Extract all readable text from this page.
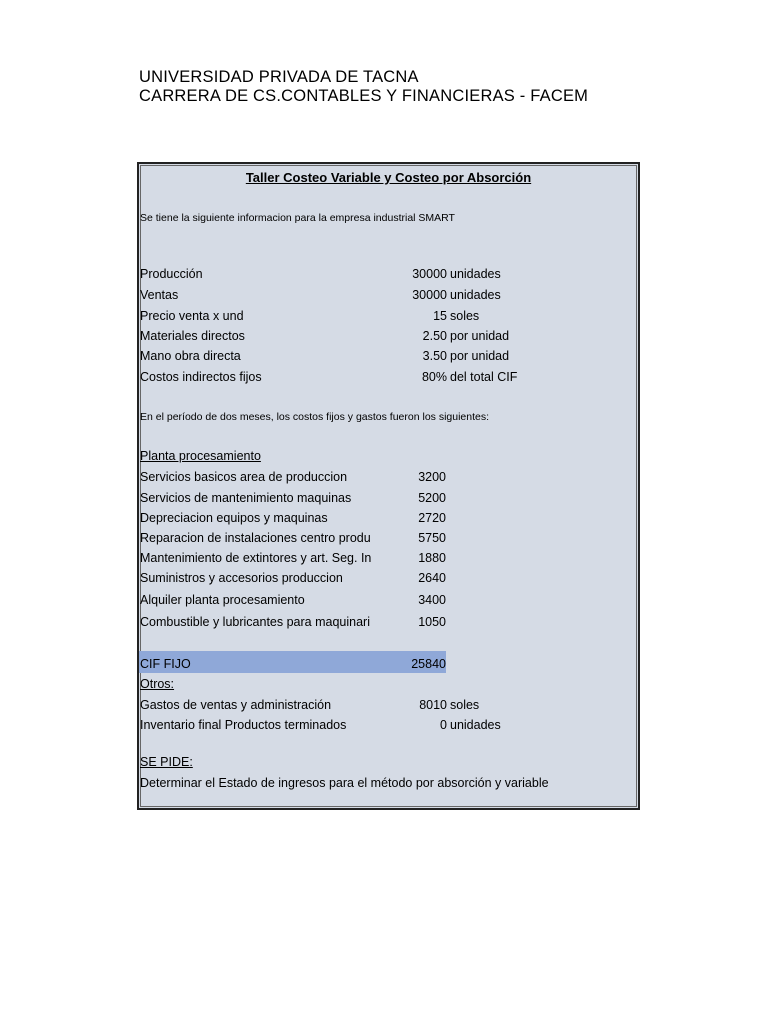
UNIVERSIDAD PRIVADA DE TACNA
CARRERA DE CS.CONTABLES Y FINANCIERAS - FACEM
Taller Costeo Variable y Costeo por Absorción
Se tiene la siguiente informacion para la empresa industrial SMART
Producción	30000 unidades
Ventas	30000 unidades
Precio venta x und	15 soles
Materiales directos	2.50 por unidad
Mano obra directa	3.50 por unidad
Costos indirectos fijos	80% del total CIF
En el período de dos meses, los costos fijos y gastos fueron los siguientes:
Planta procesamiento
Servicios basicos area de produccion	3200
Servicios de mantenimiento maquinas	5200
Depreciacion equipos y maquinas	2720
Reparacion de instalaciones centro produ	5750
Mantenimiento de extintores y art. Seg. In	1880
Suministros y accesorios produccion	2640
Alquiler planta procesamiento	3400
Combustible y lubricantes para maquinari	1050
CIF FIJO	25840
Otros:
Gastos de ventas y administración	8010 soles
Inventario final Productos terminados	0 unidades
SE PIDE:
Determinar el Estado de ingresos para el método por absorción y variable
